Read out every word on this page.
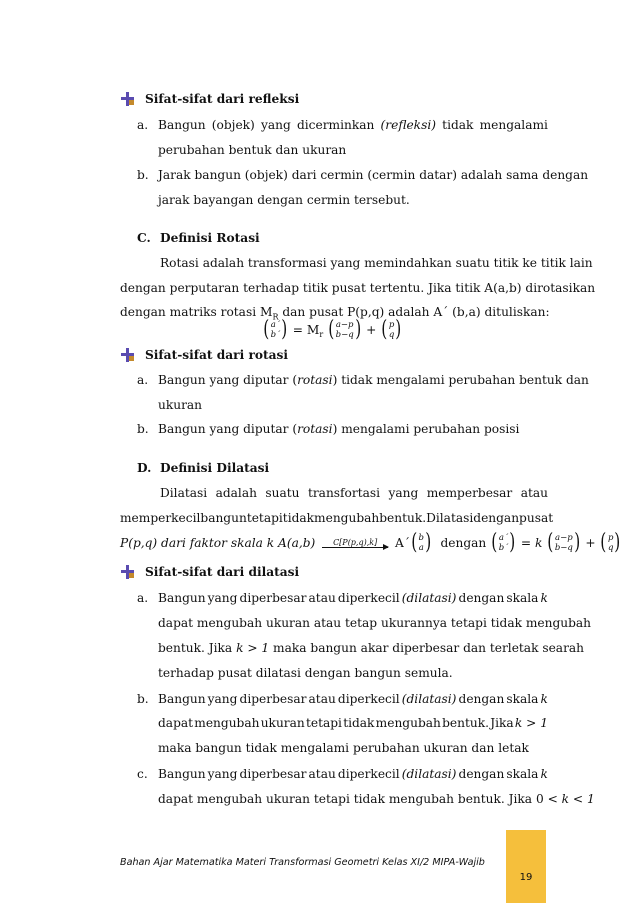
Sifat-sifat dari refleksi
a. Bangun (objek) yang dicerminkan (refleksi) tidak mengalami
perubahan bentuk dan ukuran
b. Jarak bangun (objek) dari cermin (cermin datar) adalah sama dengan
jarak bayangan dengan cermin tersebut.
C. Definisi Rotasi
Rotasi adalah transformasi yang memindahkan suatu titik ke titik lain
dengan perputaran terhadap titik pusat tertentu. Jika titik A(a,b) dirotasikan
dengan matriks rotasi $M_R$ dan pusat P(p,q) adalah A´ (b,a) dituliskan:
( a´
b´ ) = $M_r$ ( a−p
b−q ) + ( p
q )
Sifat-sifat dari rotasi
a. Bangun yang diputar (rotasi) tidak mengalami perubahan bentuk dan
ukuran
b. Bangun yang diputar (rotasi) mengalami perubahan posisi
D. Definisi Dilatasi
Dilatasi adalah suatu transfortasi yang memperbesar atau
memperkecil bangun tetapi tidak mengubah bentuk. Dilatasi dengan pusat
P(p,q) dari faktor skala k A(a,b) C[P(p,q),k] A´ ( b
a ) dengan ( a´
b´ ) = k ( a−p
b−q ) + ( p
q )
Sifat-sifat dari dilatasi
a. Bangun yang diperbesar atau diperkecil (dilatasi) dengan skala k
dapat mengubah ukuran atau tetap ukurannya tetapi tidak mengubah
bentuk. Jika k > 1 maka bangun akar diperbesar dan terletak searah
terhadap pusat dilatasi dengan bangun semula.
b. Bangun yang diperbesar atau diperkecil (dilatasi) dengan skala k
dapat mengubah ukuran tetapi tidak mengubah bentuk. Jika k > 1
maka bangun tidak mengalami perubahan ukuran dan letak
c. Bangun yang diperbesar atau diperkecil (dilatasi) dengan skala k
dapat mengubah ukuran tetapi tidak mengubah bentuk. Jika 0 < k < 1
Bahan Ajar Matematika Materi Transformasi Geometri Kelas XI/2 MIPA-Wajib
19
